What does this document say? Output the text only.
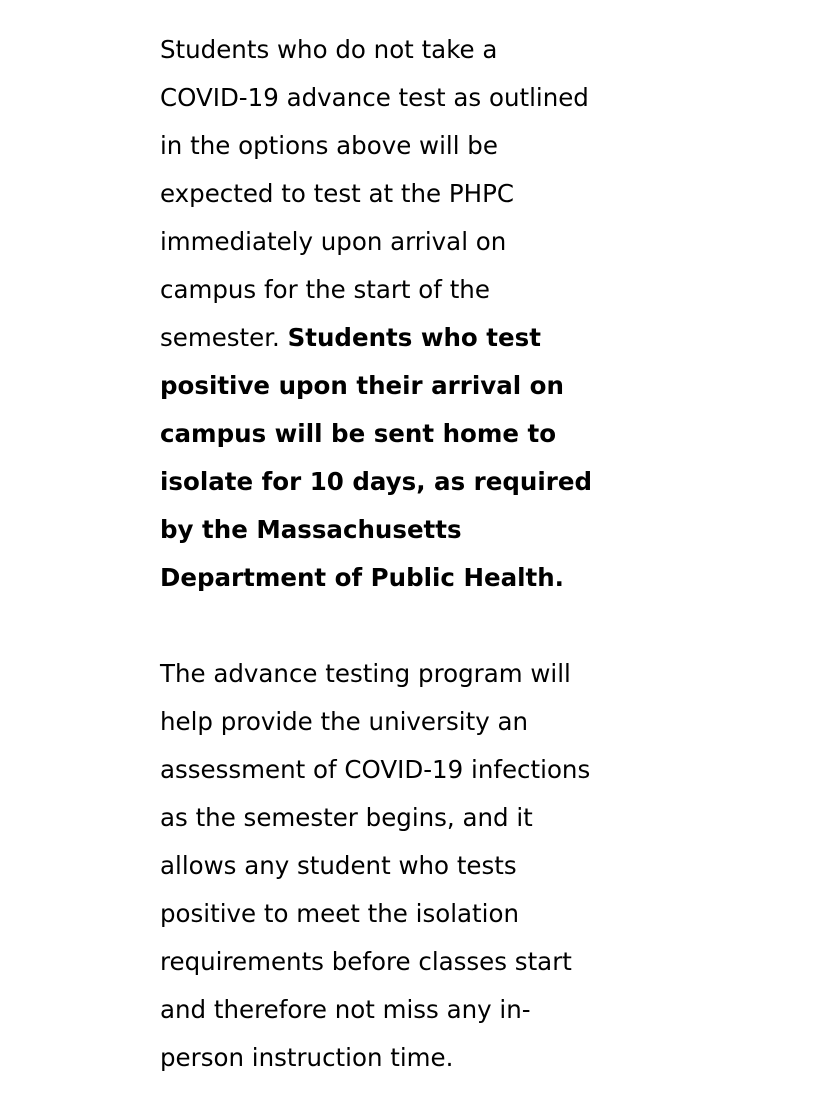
Students who do not take a
COVID-19 advance test as outlined
in the options above will be
expected to test at the PHPC
immediately upon arrival on
campus for the start of the
semester. Students who test
positive upon their arrival on
campus will be sent home to
isolate for 10 days, as required
by the Massachusetts
Department of Public Health.

The advance testing program will
help provide the university an
assessment of COVID-19 infections
as the semester begins, and it
allows any student who tests
positive to meet the isolation
requirements before classes start
and therefore not miss any in-
person instruction time.
